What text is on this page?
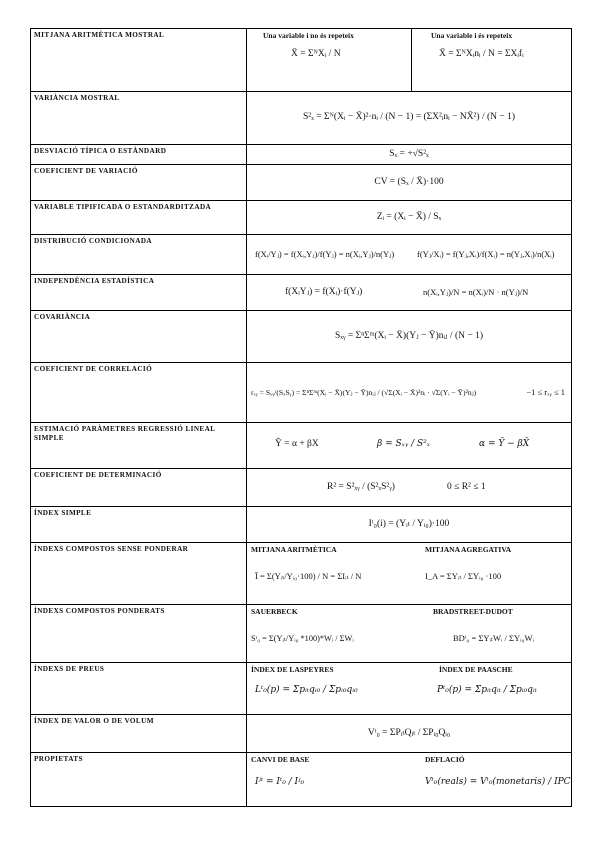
MITJANA ARITMÈTICA MOSTRAL	Una variable i no és repeteix Una variable i és repeteix
X̄ = ΣᴺXᵢ / N X̄ = ΣᴺXᵢnᵢ / N = ΣXᵢfᵢ

VARIÀNCIA MOSTRAL	S²ₓ = Σᴺ(Xᵢ − X̄)²·nᵢ / (N − 1) = (ΣX²ᵢnᵢ − NX̄²) / (N − 1)

DESVIACIÓ TÍPICA O ESTÀNDARD	Sₓ = +√S²ₓ

COEFICIENT DE VARIACIÓ	CV = (Sₓ / X̄)·100

VARIABLE TIPIFICADA O ESTANDARDITZADA	Zᵢ = (Xᵢ − X̄) / Sₓ

DISTRIBUCIÓ CONDICIONADA	f(Xᵢ/Yⱼ) = f(Xᵢ,Yⱼ)/f(Yⱼ) = n(Xᵢ,Yⱼ)/n(Yⱼ) f(Yⱼ/Xᵢ) = f(Yⱼ,Xᵢ)/f(Xᵢ) = n(Yⱼ,Xᵢ)/n(Xᵢ)

INDEPENDÈNCIA ESTADÍSTICA	f(XᵢYⱼ) = f(Xᵢ)·f(Yⱼ) n(Xᵢ,Yⱼ)/N = n(Xᵢ)/N · n(Yⱼ)/N

COVARIÀNCIA	Sₓᵧ = ΣⁿΣᵐ(Xᵢ − X̄)(Yⱼ − Ȳ)nᵢⱼ / (N − 1)

COEFICIENT DE CORRELACIÓ	rₓᵧ = Sₓᵧ/(SₓSᵧ) = ΣⁿΣᵐ(Xᵢ − X̄)(Yⱼ − Ȳ)nᵢⱼ / (√Σ(Xᵢ − X̄)²nᵢ · √Σ(Yᵢ − Ȳ)²nⱼ) −1 ≤ rₓᵧ ≤ 1

ESTIMACIÓ PARÀMETRES REGRESSIÓ LINEAL SIMPLE	Ŷ = α + βX β = Sₓᵧ / S²ₓ α = Ȳ − βX̄

COEFICIENT DE DETERMINACIÓ	R² = S²ₓᵧ / (S²ₓS²ᵧ) 0 ≤ R² ≤ 1

ÍNDEX SIMPLE	Iᵗ₀(i) = (Yᵢₜ / Yᵢ₀)·100

ÍNDEXS COMPOSTOS SENSE PONDERAR	MITJANA ARITMÈTICA MITJANA AGREGATIVA
Ī = Σ(Yᵢₜ/Yᵢ₀·100) / N = ΣIᵢₜ / N I_A = ΣYᵢₜ / ΣYᵢ₀ ·100

ÍNDEXS COMPOSTOS PONDERATS	SAUERBECK BRADSTREET-DUDOT
Sᵗ₀ = Σ(Yᵢₜ/Yᵢ₀ *100)*Wᵢ / ΣWᵢ BDᵗ₀ = ΣYᵢₜWᵢ / ΣYᵢ₀Wᵢ

ÍNDEXS DE PREUS	ÍNDEX DE LASPEYRES ÍNDEX DE PAASCHE
Lᵗ₀(p) = Σpᵢₜqᵢ₀ / Σpᵢ₀qᵢ₀ Pᵗ₀(p) = Σpᵢₜqᵢₜ / Σpᵢ₀qᵢₜ

ÍNDEX DE VALOR O DE VOLUM	Vᵗ₀ = ΣPᵢₜQᵢₜ / ΣPᵢ₀Qᵢ₀

PROPIETATS	CANVI DE BASE DEFLACIÓ
Iʲᵗ = Iᵗ₀ / Iʲ₀ Vᵗ₀(reals) = Vᵗ₀(monetaris) / IPC
